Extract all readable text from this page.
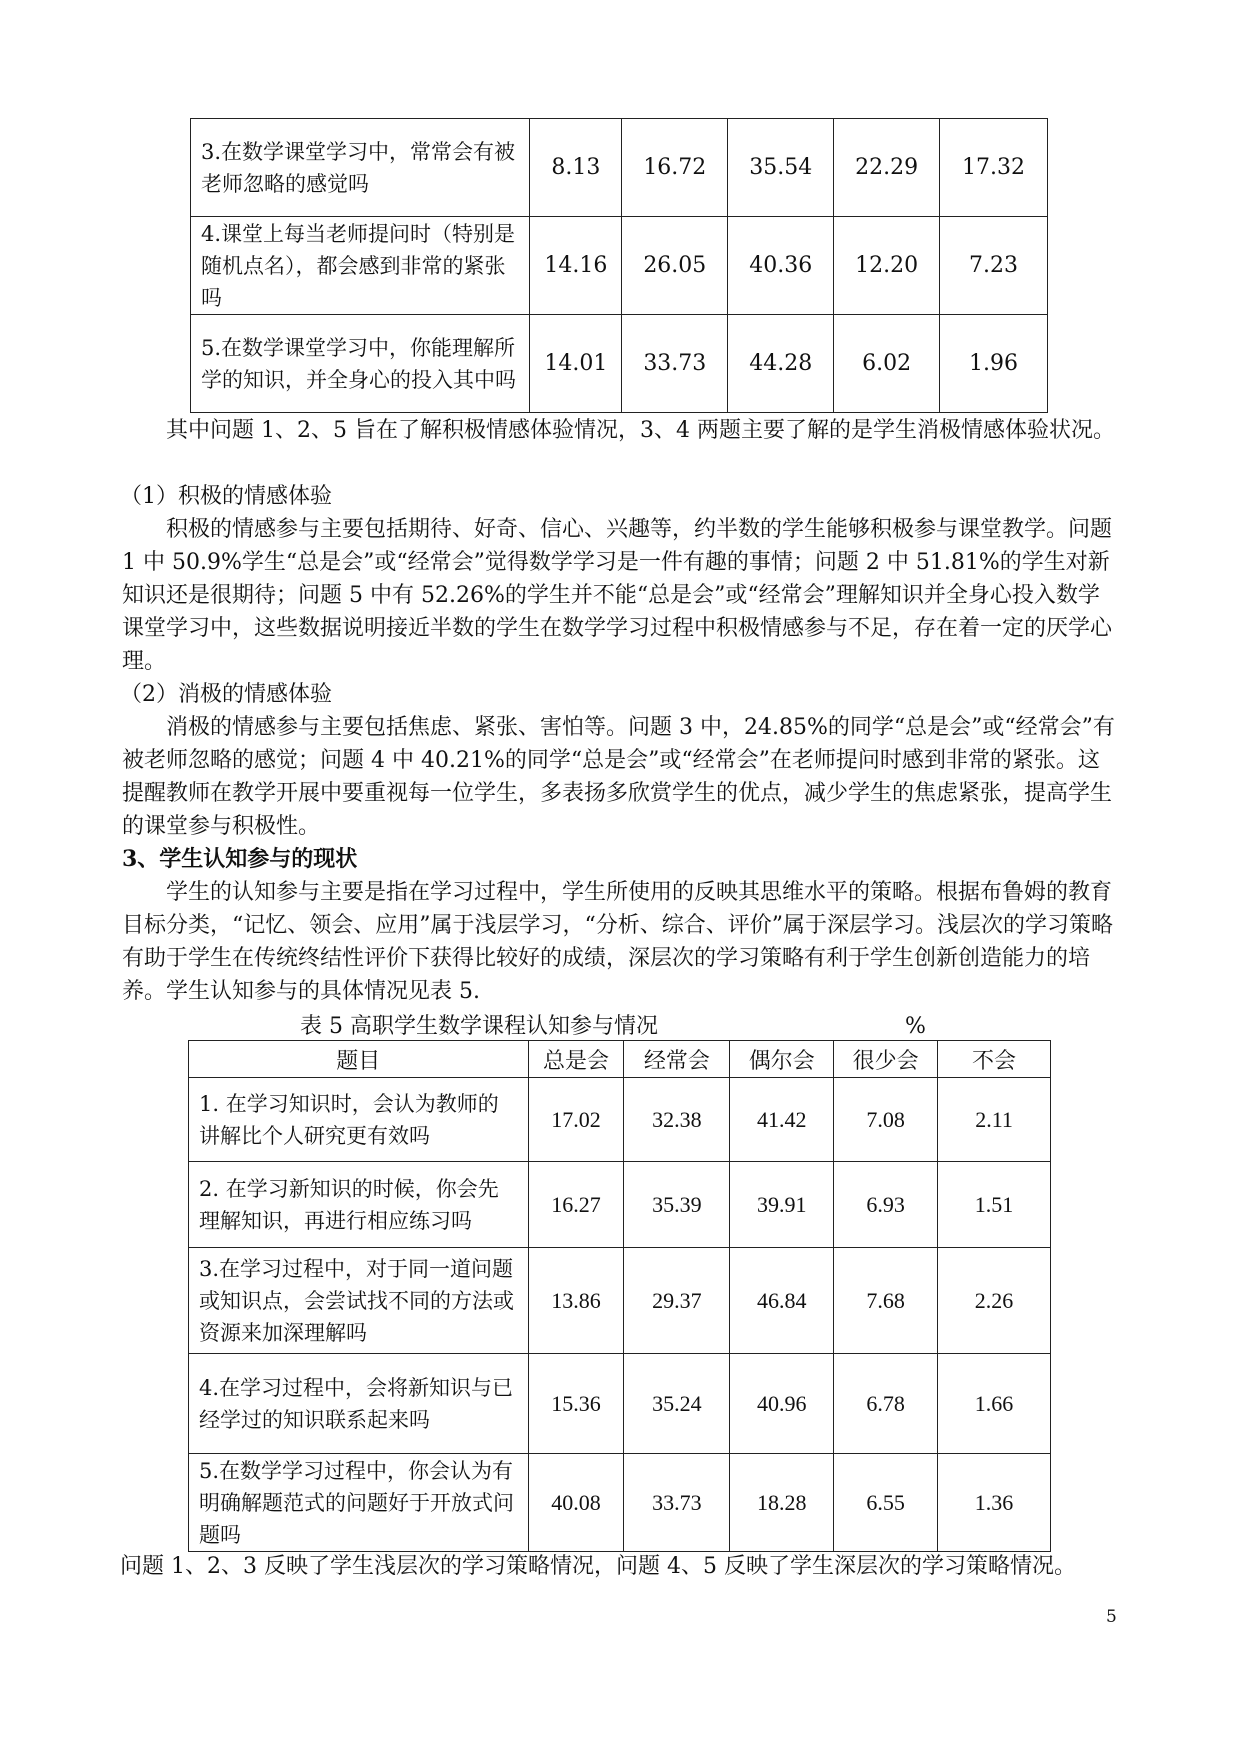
3.在数学课堂学习中，常常会有被老师忽略的感觉吗	8.13	16.72	35.54	22.29	17.32
4.课堂上每当老师提问时（特别是随机点名），都会感到非常的紧张吗	14.16	26.05	40.36	12.20	7.23
5.在数学课堂学习中，你能理解所学的知识，并全身心的投入其中吗	14.01	33.73	44.28	6.02	1.96
其中问题 1、2、5 旨在了解积极情感体验情况，3、4 两题主要了解的是学生消极情感体验状况。
（1）积极的情感体验
积极的情感参与主要包括期待、好奇、信心、兴趣等，约半数的学生能够积极参与课堂教学。问题 1 中 50.9%学生“总是会”或“经常会”觉得数学学习是一件有趣的事情；问题 2 中 51.81%的学生对新知识还是很期待；问题 5 中有 52.26%的学生并不能“总是会”或“经常会”理解知识并全身心投入数学课堂学习中，这些数据说明接近半数的学生在数学学习过程中积极情感参与不足，存在着一定的厌学心理。
（2）消极的情感体验
消极的情感参与主要包括焦虑、紧张、害怕等。问题 3 中，24.85%的同学“总是会”或“经常会”有被老师忽略的感觉；问题 4 中 40.21%的同学“总是会”或“经常会”在老师提问时感到非常的紧张。这提醒教师在教学开展中要重视每一位学生，多表扬多欣赏学生的优点，减少学生的焦虑紧张，提高学生的课堂参与积极性。
3、学生认知参与的现状
学生的认知参与主要是指在学习过程中，学生所使用的反映其思维水平的策略。根据布鲁姆的教育目标分类，“记忆、领会、应用”属于浅层学习，“分析、综合、评价”属于深层学习。浅层次的学习策略有助于学生在传统终结性评价下获得比较好的成绩，深层次的学习策略有利于学生创新创造能力的培养。学生认知参与的具体情况见表 5.
表 5 高职学生数学课程认知参与情况	%
题目	总是会	经常会	偶尔会	很少会	不会
1. 在学习知识时，会认为教师的讲解比个人研究更有效吗	17.02	32.38	41.42	7.08	2.11
2. 在学习新知识的时候，你会先理解知识，再进行相应练习吗	16.27	35.39	39.91	6.93	1.51
3.在学习过程中，对于同一道问题或知识点，会尝试找不同的方法或资源来加深理解吗	13.86	29.37	46.84	7.68	2.26
4.在学习过程中，会将新知识与已经学过的知识联系起来吗	15.36	35.24	40.96	6.78	1.66
5.在数学学习过程中，你会认为有明确解题范式的问题好于开放式问题吗	40.08	33.73	18.28	6.55	1.36
问题 1、2、3 反映了学生浅层次的学习策略情况，问题 4、5 反映了学生深层次的学习策略情况。
5
